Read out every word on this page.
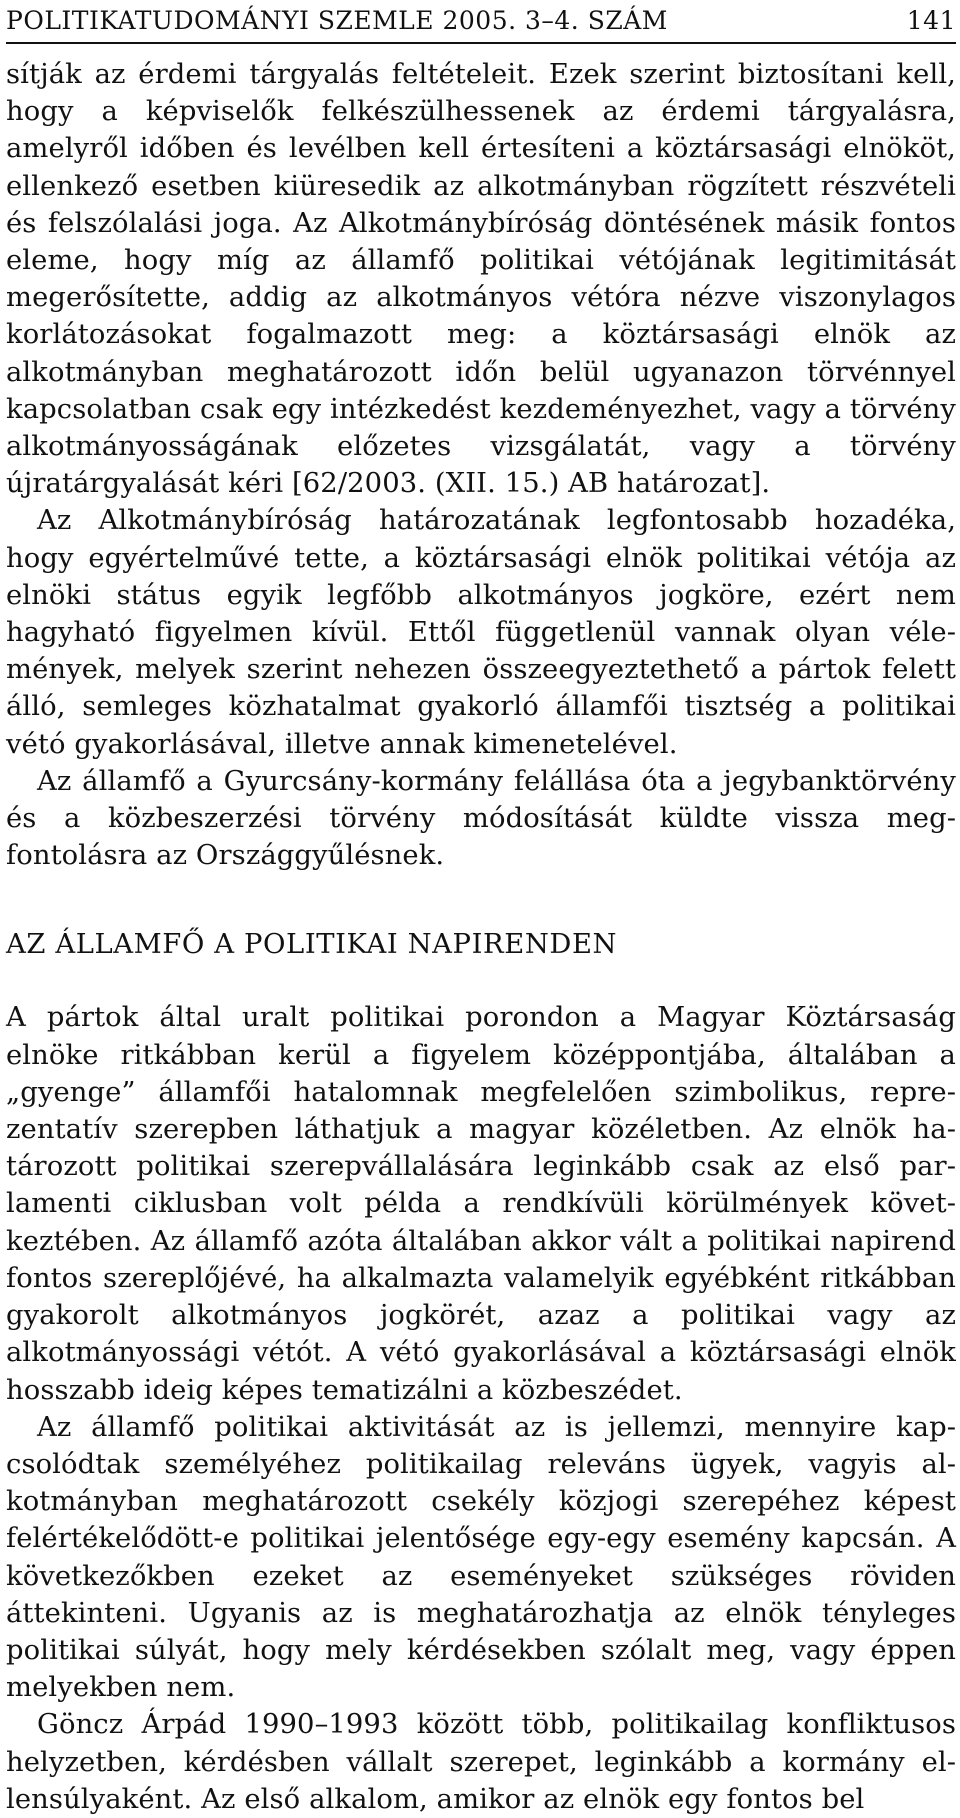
POLITIKATUDOMÁNYI SZEMLE 2005. 3–4. SZÁM	141

sítják az érdemi tárgyalás feltételeit. Ezek szerint biztosítani kell, hogy a képviselők felkészülhessenek az érdemi tárgyalásra, amelyről időben és levélben kell értesíteni a köztársasági elnököt, ellenkező esetben kiüresedik az alkotmányban rögzített részvételi és felszólalási joga. Az Alkotmánybíróság döntésének másik fontos eleme, hogy míg az államfő politikai vétójának legitimitását megerősítette, addig az alkotmányos vétóra nézve viszonylagos korlátozásokat fogalmazott meg: a köztársasági elnök az alkotmányban meghatározott időn belül ugyanazon törvénnyel kapcsolatban csak egy intézkedést kezdeményezhet, vagy a törvény alkotmányosságának előzetes vizsgálatát, vagy a törvény újratárgyalását kéri [62/2003. (XII. 15.) AB határozat].

Az Alkotmánybíróság határozatának legfontosabb hozadéka, hogy egyértelművé tette, a köztársasági elnök politikai vétója az elnöki státus egyik legfőbb alkotmányos jogköre, ezért nem hagyható figyelmen kívül. Ettől függetlenül vannak olyan vélemények, melyek szerint nehezen összeegyeztethető a pártok felett álló, semleges közhatalmat gyakorló államfői tisztség a politikai vétó gyakorlásával, illetve annak kimenetelével.

Az államfő a Gyurcsány-kormány felállása óta a jegybanktörvény és a közbeszerzési törvény módosítását küldte vissza megfontolásra az Országgyűlésnek.

AZ ÁLLAMFŐ A POLITIKAI NAPIRENDEN

A pártok által uralt politikai porondon a Magyar Köztársaság elnöke ritkábban kerül a figyelem középpontjába, általában a „gyenge” államfői hatalomnak megfelelően szimbolikus, reprezentatív szerepben láthatjuk a magyar közéletben. Az elnök határozott politikai szerepvállalására leginkább csak az első parlamenti ciklusban volt példa a rendkívüli körülmények következtében. Az államfő azóta általában akkor vált a politikai napirend fontos szereplőjévé, ha alkalmazta valamelyik egyébként ritkábban gyakorolt alkotmányos jogkörét, azaz a politikai vagy az alkotmányossági vétót. A vétó gyakorlásával a köztársasági elnök hosszabb ideig képes tematizálni a közbeszédet.

Az államfő politikai aktivitását az is jellemzi, mennyire kapcsolódtak személyéhez politikailag releváns ügyek, vagyis alkotmányban meghatározott csekély közjogi szerepéhez képest felértékelődött-e politikai jelentősége egy-egy esemény kapcsán. A következőkben ezeket az eseményeket szükséges röviden áttekinteni. Ugyanis az is meghatározhatja az elnök tényleges politikai súlyát, hogy mely kérdésekben szólalt meg, vagy éppen melyekben nem.

Göncz Árpád 1990–1993 között több, politikailag konfliktusos helyzetben, kérdésben vállalt szerepet, leginkább a kormány ellensúlyaként. Az első alkalom, amikor az elnök egy fontos bel
